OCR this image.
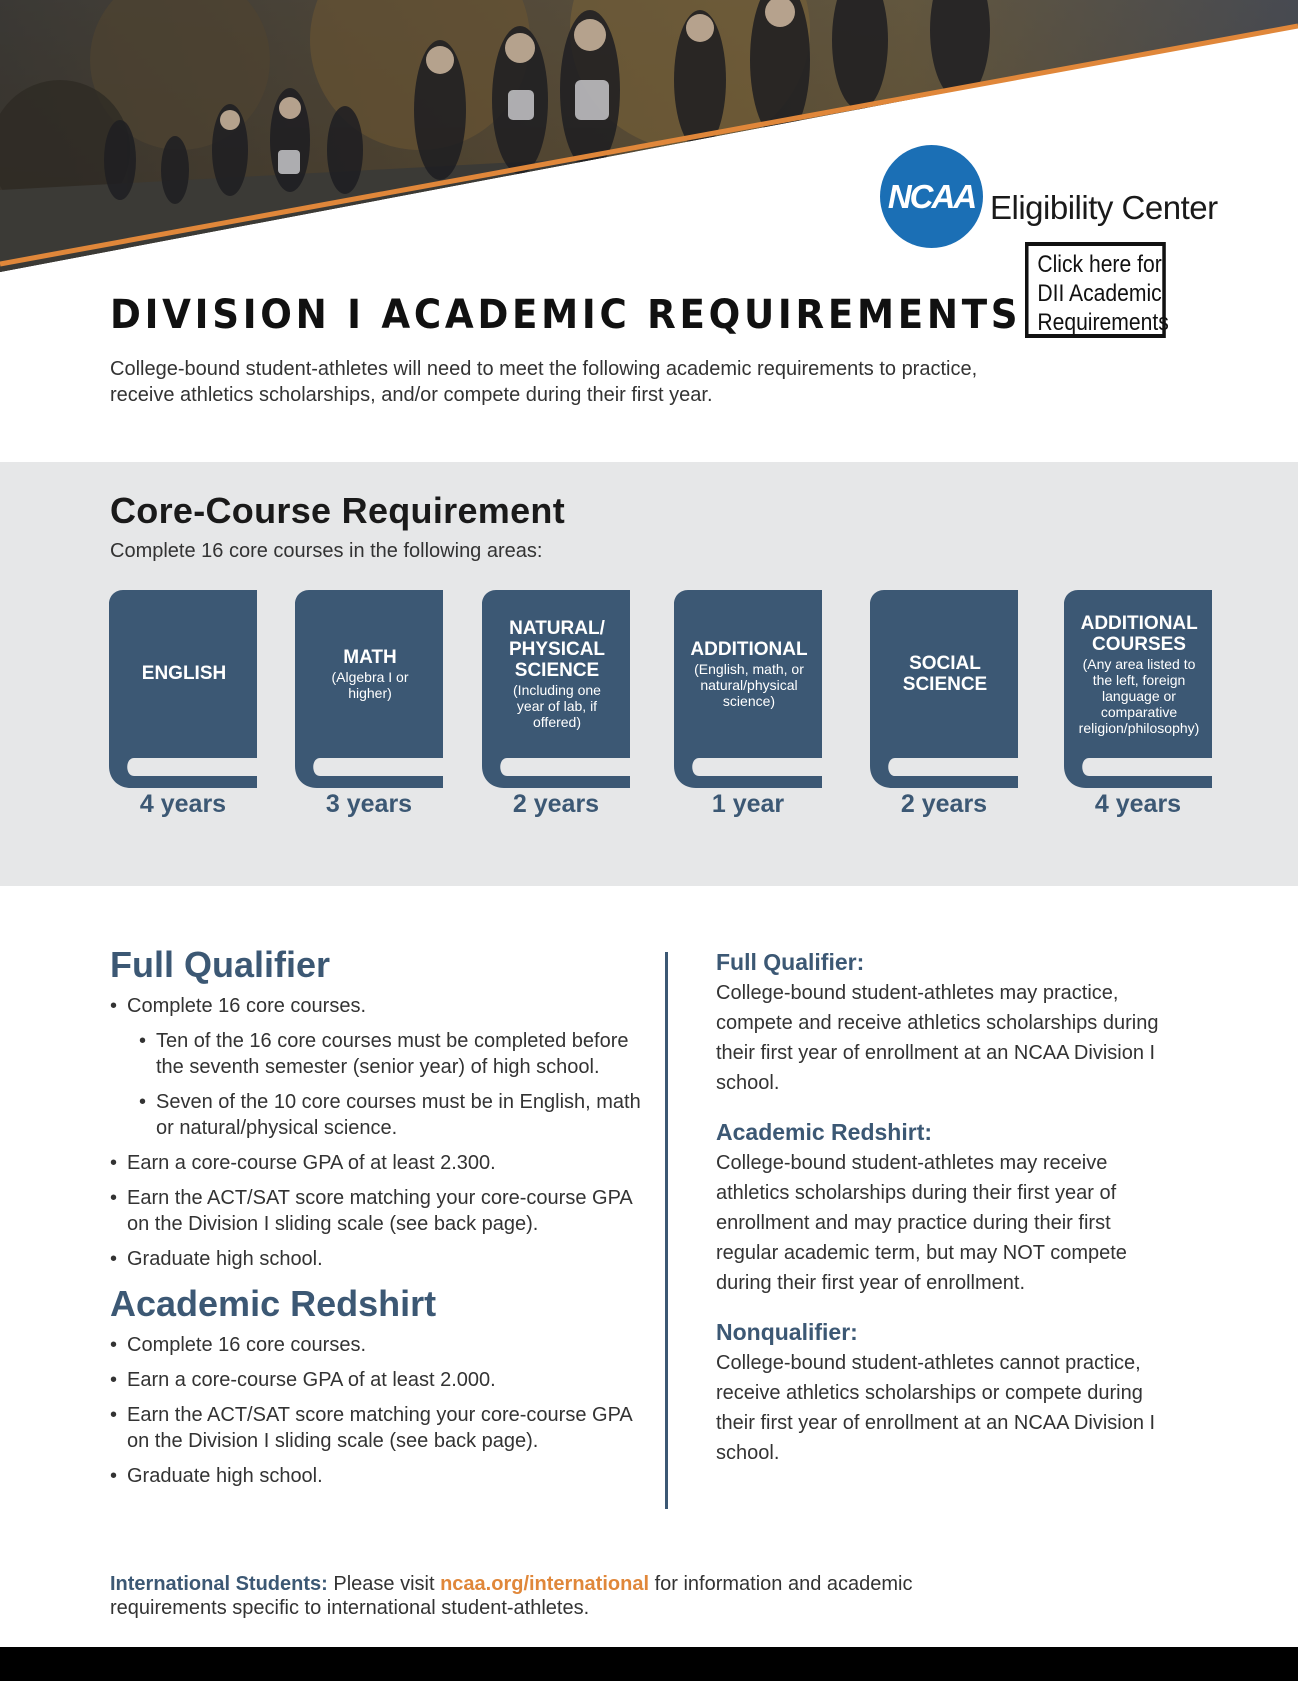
NCAA Eligibility Center
Click here for
DII Academic
Requirements
DIVISION I ACADEMIC REQUIREMENTS

College-bound student-athletes will need to meet the following academic requirements to practice, receive athletics scholarships, and/or compete during their first year.

Core-Course Requirement

Complete 16 core courses in the following areas:

ENGLISH
4 years
MATH
(Algebra I or higher)
3 years
NATURAL/ PHYSICAL SCIENCE
(Including one year of lab, if offered)
2 years
ADDITIONAL
(English, math, or natural/physical science)
1 year
SOCIAL SCIENCE
2 years
ADDITIONAL COURSES
(Any area listed to the left, foreign language or comparative religion/philosophy)
4 years
Full Qualifier
• Complete 16 core courses.
• Ten of the 16 core courses must be completed before the seventh semester (senior year) of high school.
• Seven of the 10 core courses must be in English, math or natural/physical science.
• Earn a core-course GPA of at least 2.300.
• Earn the ACT/SAT score matching your core-course GPA on the Division I sliding scale (see back page).
• Graduate high school.
Academic Redshirt
• Complete 16 core courses.
• Earn a core-course GPA of at least 2.000.
• Earn the ACT/SAT score matching your core-course GPA on the Division I sliding scale (see back page).
• Graduate high school.
Full Qualifier:

College-bound student-athletes may practice, compete and receive athletics scholarships during their first year of enrollment at an NCAA Division I school.

Academic Redshirt:

College-bound student-athletes may receive athletics scholarships during their first year of enrollment and may practice during their first regular academic term, but may NOT compete during their first year of enrollment.

Nonqualifier:

College-bound student-athletes cannot practice, receive athletics scholarships or compete during their first year of enrollment at an NCAA Division I school.

International Students: Please visit ncaa.org/international for information and academic requirements specific to international student-athletes.
